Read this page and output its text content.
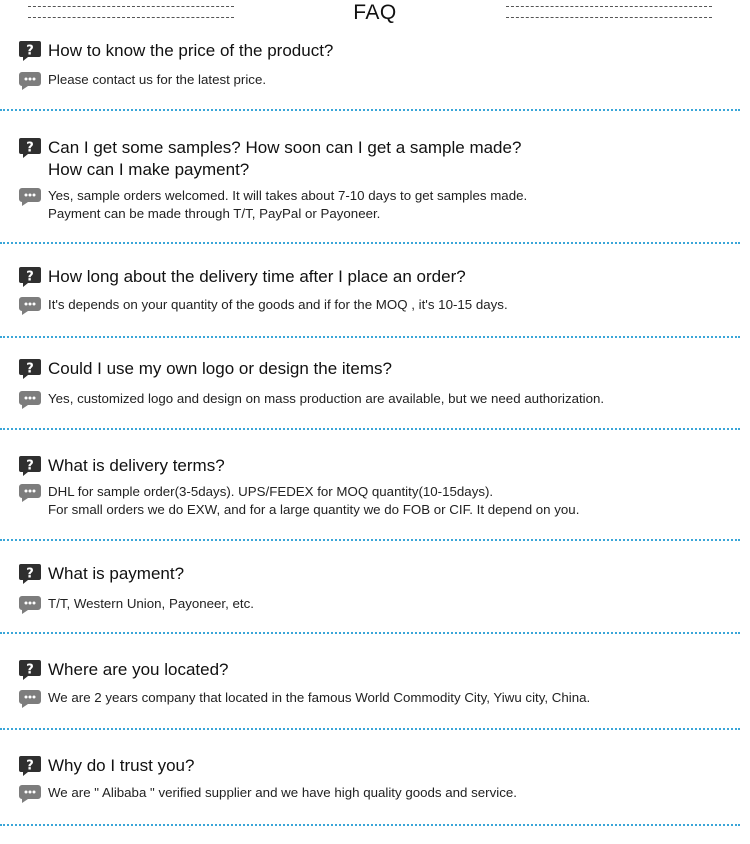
FAQ
? How to know the price of the product?
Please contact us for the latest price.
? Can I get some samples? How soon can I get a sample made?
How can I make payment?
Yes, sample orders welcomed. It will takes about 7-10 days to get samples made.
Payment can be made through T/T, PayPal or Payoneer.
? How long about the delivery time after I place an order?
It's depends on your quantity of the goods and if for the MOQ , it's 10-15 days.
? Could I use my own logo or design the items?
Yes, customized logo and design on mass production are available, but we need authorization.
? What is delivery terms?
DHL for sample order(3-5days). UPS/FEDEX for MOQ quantity(10-15days).
For small orders we do EXW, and for a large quantity we do FOB or CIF. It depend on you.
? What is payment?
T/T, Western Union, Payoneer, etc.
? Where are you located?
We are 2 years company that located in the famous World Commodity City, Yiwu city, China.
? Why do I trust you?
We are " Alibaba " verified supplier and we have high quality goods and service.
